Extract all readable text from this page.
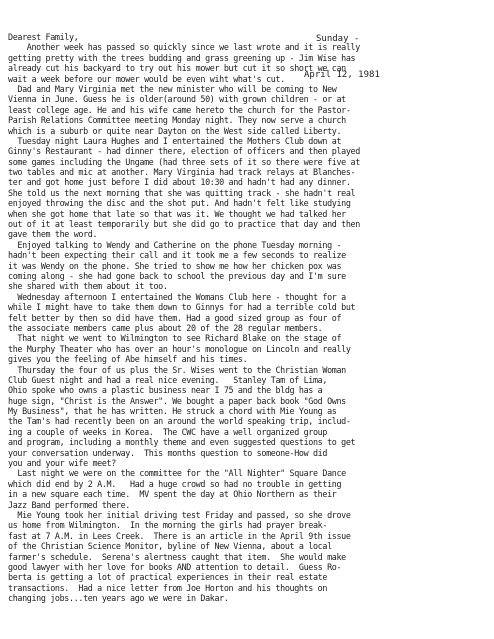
Sunday -

April 12, 1981

Dearest Family,
Another week has passed so quickly since we last wrote and it is really
getting pretty with the trees budding and grass greening up - Jim Wise has
already cut his backyard to try out his mower but cut it so short we can
wait a week before our mower would be even wiht what's cut.
Dad and Mary Virginia met the new minister who will be coming to New
Vienna in June. Guess he is older(around 50) with grown children - or at
least college age. He and his wife came hereto the church for the Pastor-
Parish Relations Committee meeting Monday night. They now serve a church
which is a suburb or quite near Dayton on the West side called Liberty.
Tuesday night Laura Hughes and I entertained the Mothers Club down at
Ginny's Restaurant - had dinner there, election of officers and then played
some games including the Ungame (had three sets of it so there were five at
two tables and mic at another. Mary Virginia had track relays at Blanches-
ter and got home just before I did about 10:30 and hadn't had any dinner.
She told us the next morning that she was quitting track - she hadn't real
enjoyed throwing the disc and the shot put. And hadn't felt like studying
when she got home that late so that was it. We thought we had talked her
out of it at least temporarily but she did go to practice that day and then
gave them the word.
Enjoyed talking to Wendy and Catherine on the phone Tuesday morning -
hadn't been expecting their call and it took me a few seconds to realize
it was Wendy on the phone. She tried to show me how her chicken pox was
coming along - she had gone back to school the previous day and I'm sure
she shared with them about it too.
Wednesday afternoon I entertained the Womans Club here - thought for a
while I might have to take them down to Ginnys for had a terrible cold but
felt better by then so did have them. Had a good sized group as four of
the associate members came plus about 20 of the 28 regular members.
That night we went to Wilmington to see Richard Blake on the stage of
the Murphy Theater who has over an hour's monologue on Lincoln and really
gives you the feeling of Abe himself and his times.
Thursday the four of us plus the Sr. Wises went to the Christian Woman
Club Guest night and had a real nice evening.   Stanley Tam of Lima,
Ohio spoke who owns a plastic business near I 75 and the bldg has a
huge sign, "Christ is the Answer". We bought a paper back book "God Owns
My Business", that he has written. He struck a chord with Mie Young as
the Tam's had recently been on an around the world speaking trip, includ-
ing a couple of weeks in Korea.  The CWC have a well organized group
and program, including a monthly theme and even suggested questions to get
your conversation underway.  This months question to someone-How did
you and your wife meet?
Last night we were on the committee for the "All Nighter" Square Dance
which did end by 2 A.M.   Had a huge crowd so had no trouble in getting
in a new square each time.  MV spent the day at Ohio Northern as their
Jazz Band performed there.
Mie Young took her initial driving test Friday and passed, so she drove
us home from Wilmington.  In the morning the girls had prayer break-
fast at 7 A.M. in Lees Creek.  There is an article in the April 9th issue
of the Christian Science Monitor, byline of New Vienna, about a local
farmer's schedule.  Serena's alertness caught that item.  She would make
good lawyer with her love for books AND attention to detail.  Guess Ro-
berta is getting a lot of practical experiences in their real estate
transactions.  Had a nice letter from Joe Horton and his thoughts on
changing jobs...ten years ago we were in Dakar.
